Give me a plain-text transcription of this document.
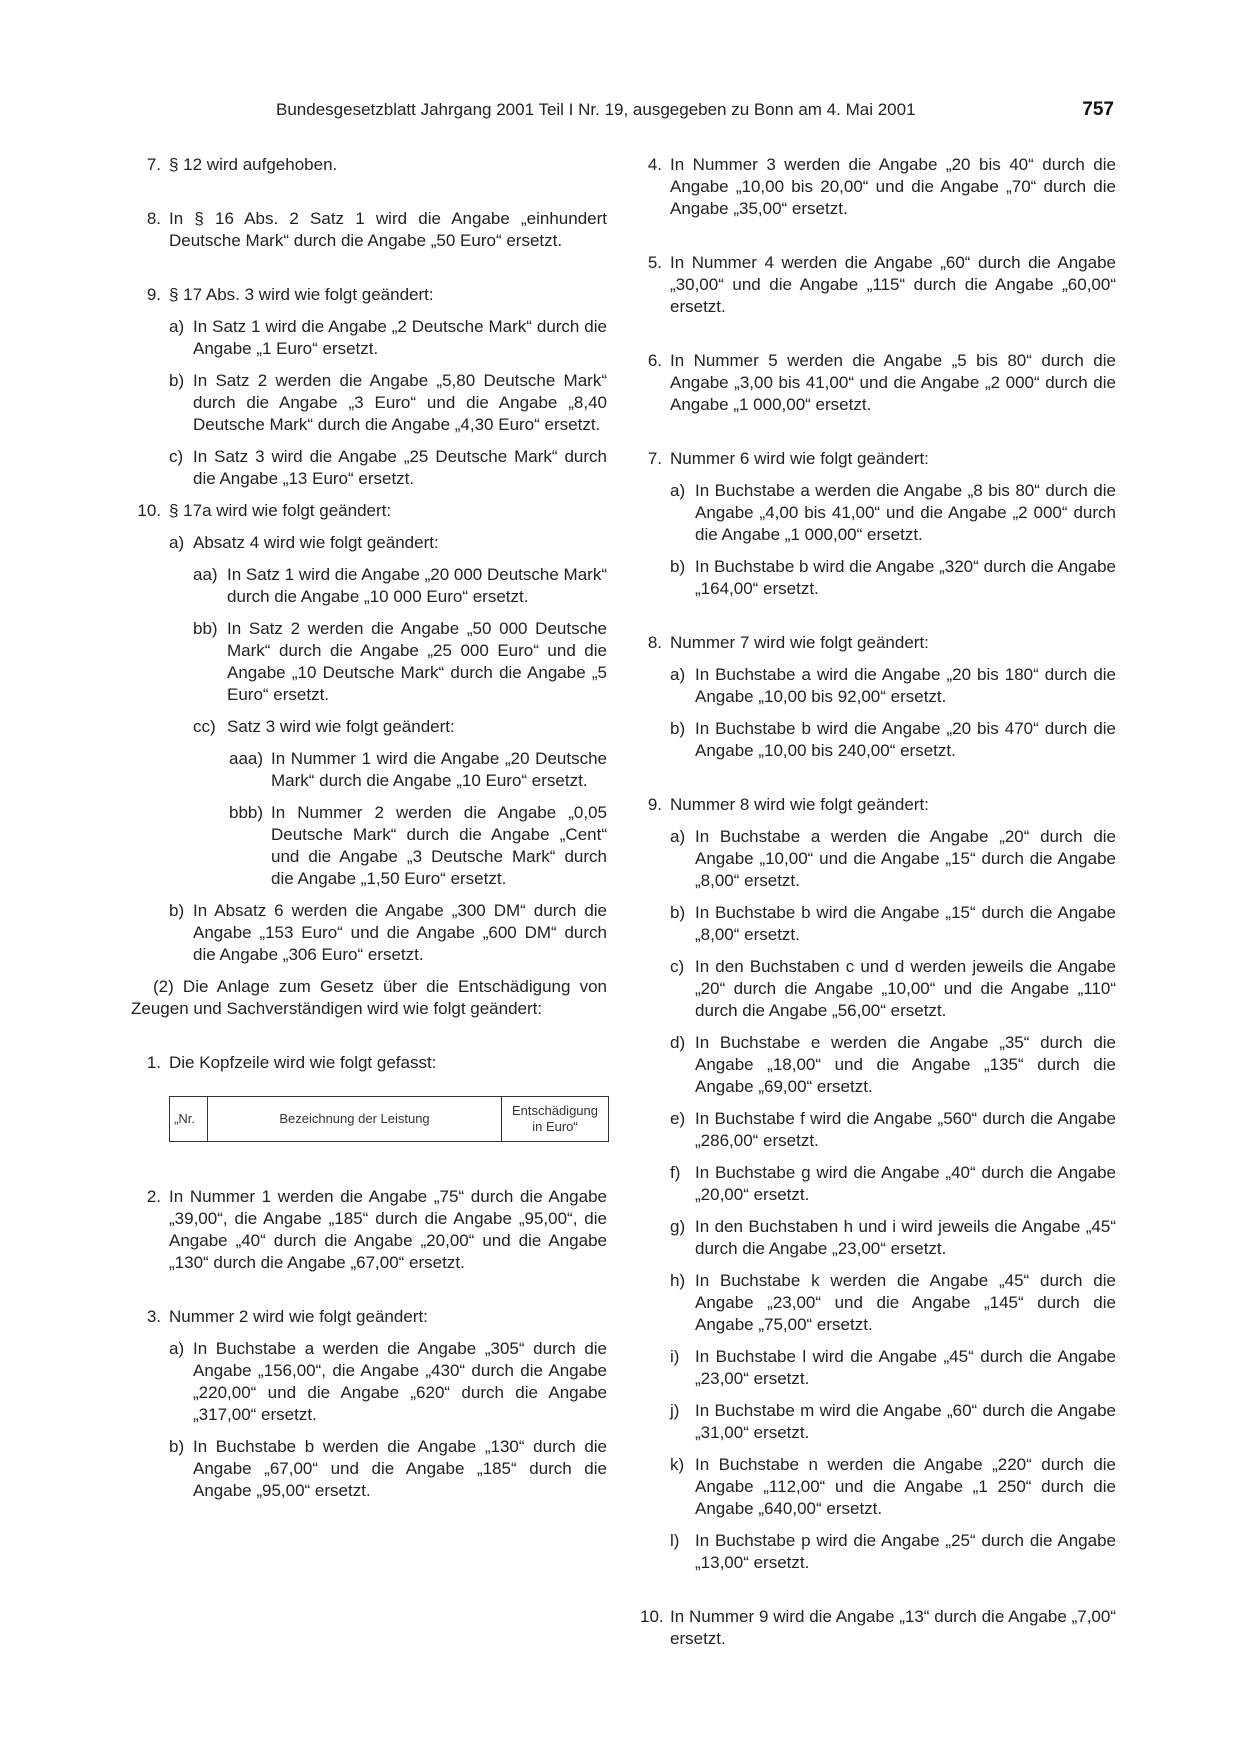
Bundesgesetzblatt Jahrgang 2001 Teil I Nr. 19, ausgegeben zu Bonn am 4. Mai 2001	757
7. § 12 wird aufgehoben.
8. In § 16 Abs. 2 Satz 1 wird die Angabe „einhundert Deutsche Mark“ durch die Angabe „50 Euro“ ersetzt.
9. § 17 Abs. 3 wird wie folgt geändert:
a) In Satz 1 wird die Angabe „2 Deutsche Mark“ durch die Angabe „1 Euro“ ersetzt.
b) In Satz 2 werden die Angabe „5,80 Deutsche Mark“ durch die Angabe „3 Euro“ und die Angabe „8,40 Deutsche Mark“ durch die Angabe „4,30 Euro“ ersetzt.
c) In Satz 3 wird die Angabe „25 Deutsche Mark“ durch die Angabe „13 Euro“ ersetzt.
10. § 17a wird wie folgt geändert:
a) Absatz 4 wird wie folgt geändert:
aa) In Satz 1 wird die Angabe „20 000 Deutsche Mark“ durch die Angabe „10 000 Euro“ ersetzt.
bb) In Satz 2 werden die Angabe „50 000 Deutsche Mark“ durch die Angabe „25 000 Euro“ und die Angabe „10 Deutsche Mark“ durch die Angabe „5 Euro“ ersetzt.
cc) Satz 3 wird wie folgt geändert:
aaa) In Nummer 1 wird die Angabe „20 Deutsche Mark“ durch die Angabe „10 Euro“ ersetzt.
bbb) In Nummer 2 werden die Angabe „0,05 Deutsche Mark“ durch die Angabe „Cent“ und die Angabe „3 Deutsche Mark“ durch die Angabe „1,50 Euro“ ersetzt.
b) In Absatz 6 werden die Angabe „300 DM“ durch die Angabe „153 Euro“ und die Angabe „600 DM“ durch die Angabe „306 Euro“ ersetzt.
(2) Die Anlage zum Gesetz über die Entschädigung von Zeugen und Sachverständigen wird wie folgt geändert:
1. Die Kopfzeile wird wie folgt gefasst:
„Nr.	Bezeichnung der Leistung
Entschädigung
in Euro“
2. In Nummer 1 werden die Angabe „75“ durch die Angabe „39,00“, die Angabe „185“ durch die Angabe „95,00“, die Angabe „40“ durch die Angabe „20,00“ und die Angabe „130“ durch die Angabe „67,00“ ersetzt.
3. Nummer 2 wird wie folgt geändert:
a) In Buchstabe a werden die Angabe „305“ durch die Angabe „156,00“, die Angabe „430“ durch die Angabe „220,00“ und die Angabe „620“ durch die Angabe „317,00“ ersetzt.
b) In Buchstabe b werden die Angabe „130“ durch die Angabe „67,00“ und die Angabe „185“ durch die Angabe „95,00“ ersetzt.
4. In Nummer 3 werden die Angabe „20 bis 40“ durch die Angabe „10,00 bis 20,00“ und die Angabe „70“ durch die Angabe „35,00“ ersetzt.
5. In Nummer 4 werden die Angabe „60“ durch die Angabe „30,00“ und die Angabe „115“ durch die Angabe „60,00“ ersetzt.
6. In Nummer 5 werden die Angabe „5 bis 80“ durch die Angabe „3,00 bis 41,00“ und die Angabe „2 000“ durch die Angabe „1 000,00“ ersetzt.
7. Nummer 6 wird wie folgt geändert:
a) In Buchstabe a werden die Angabe „8 bis 80“ durch die Angabe „4,00 bis 41,00“ und die Angabe „2 000“ durch die Angabe „1 000,00“ ersetzt.
b) In Buchstabe b wird die Angabe „320“ durch die Angabe „164,00“ ersetzt.
8. Nummer 7 wird wie folgt geändert:
a) In Buchstabe a wird die Angabe „20 bis 180“ durch die Angabe „10,00 bis 92,00“ ersetzt.
b) In Buchstabe b wird die Angabe „20 bis 470“ durch die Angabe „10,00 bis 240,00“ ersetzt.
9. Nummer 8 wird wie folgt geändert:
a) In Buchstabe a werden die Angabe „20“ durch die Angabe „10,00“ und die Angabe „15“ durch die Angabe „8,00“ ersetzt.
b) In Buchstabe b wird die Angabe „15“ durch die Angabe „8,00“ ersetzt.
c) In den Buchstaben c und d werden jeweils die Angabe „20“ durch die Angabe „10,00“ und die Angabe „110“ durch die Angabe „56,00“ ersetzt.
d) In Buchstabe e werden die Angabe „35“ durch die Angabe „18,00“ und die Angabe „135“ durch die Angabe „69,00“ ersetzt.
e) In Buchstabe f wird die Angabe „560“ durch die Angabe „286,00“ ersetzt.
f) In Buchstabe g wird die Angabe „40“ durch die Angabe „20,00“ ersetzt.
g) In den Buchstaben h und i wird jeweils die Angabe „45“ durch die Angabe „23,00“ ersetzt.
h) In Buchstabe k werden die Angabe „45“ durch die Angabe „23,00“ und die Angabe „145“ durch die Angabe „75,00“ ersetzt.
i) In Buchstabe l wird die Angabe „45“ durch die Angabe „23,00“ ersetzt.
j) In Buchstabe m wird die Angabe „60“ durch die Angabe „31,00“ ersetzt.
k) In Buchstabe n werden die Angabe „220“ durch die Angabe „112,00“ und die Angabe „1 250“ durch die Angabe „640,00“ ersetzt.
l) In Buchstabe p wird die Angabe „25“ durch die Angabe „13,00“ ersetzt.
10. In Nummer 9 wird die Angabe „13“ durch die Angabe „7,00“ ersetzt.
